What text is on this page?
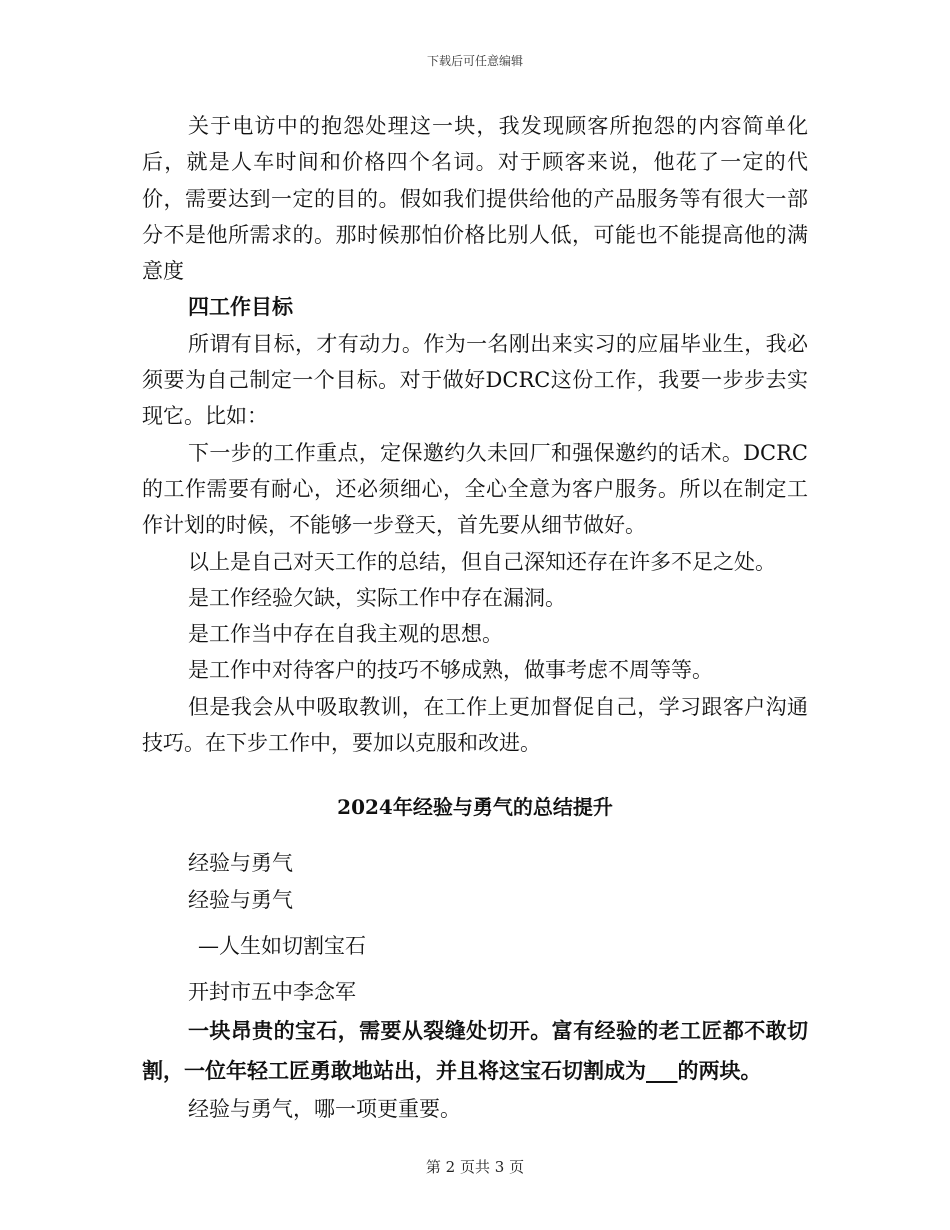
下载后可任意编辑

关于电访中的抱怨处理这一块，我发现顾客所抱怨的内容简单化后，就是人车时间和价格四个名词。对于顾客来说，他花了一定的代价，需要达到一定的目的。假如我们提供给他的产品服务等有很大一部分不是他所需求的。那时候那怕价格比别人低，可能也不能提高他的满意度

四工作目标

所谓有目标，才有动力。作为一名刚出来实习的应届毕业生，我必须要为自己制定一个目标。对于做好DCRC这份工作，我要一步步去实现它。比如：

下一步的工作重点，定保邀约久未回厂和强保邀约的话术。DCRC的工作需要有耐心，还必须细心，全心全意为客户服务。所以在制定工作计划的时候，不能够一步登天，首先要从细节做好。

以上是自己对天工作的总结，但自己深知还存在许多不足之处。

是工作经验欠缺，实际工作中存在漏洞。

是工作当中存在自我主观的思想。

是工作中对待客户的技巧不够成熟，做事考虑不周等等。

但是我会从中吸取教训，在工作上更加督促自己，学习跟客户沟通技巧。在下步工作中，要加以克服和改进。

2024年经验与勇气的总结提升

经验与勇气

经验与勇气

—人生如切割宝石

开封市五中李念军

一块昂贵的宝石，需要从裂缝处切开。富有经验的老工匠都不敢切割，一位年轻工匠勇敢地站出，并且将这宝石切割成为___的两块。

经验与勇气，哪一项更重要。

第 2 页共 3 页
